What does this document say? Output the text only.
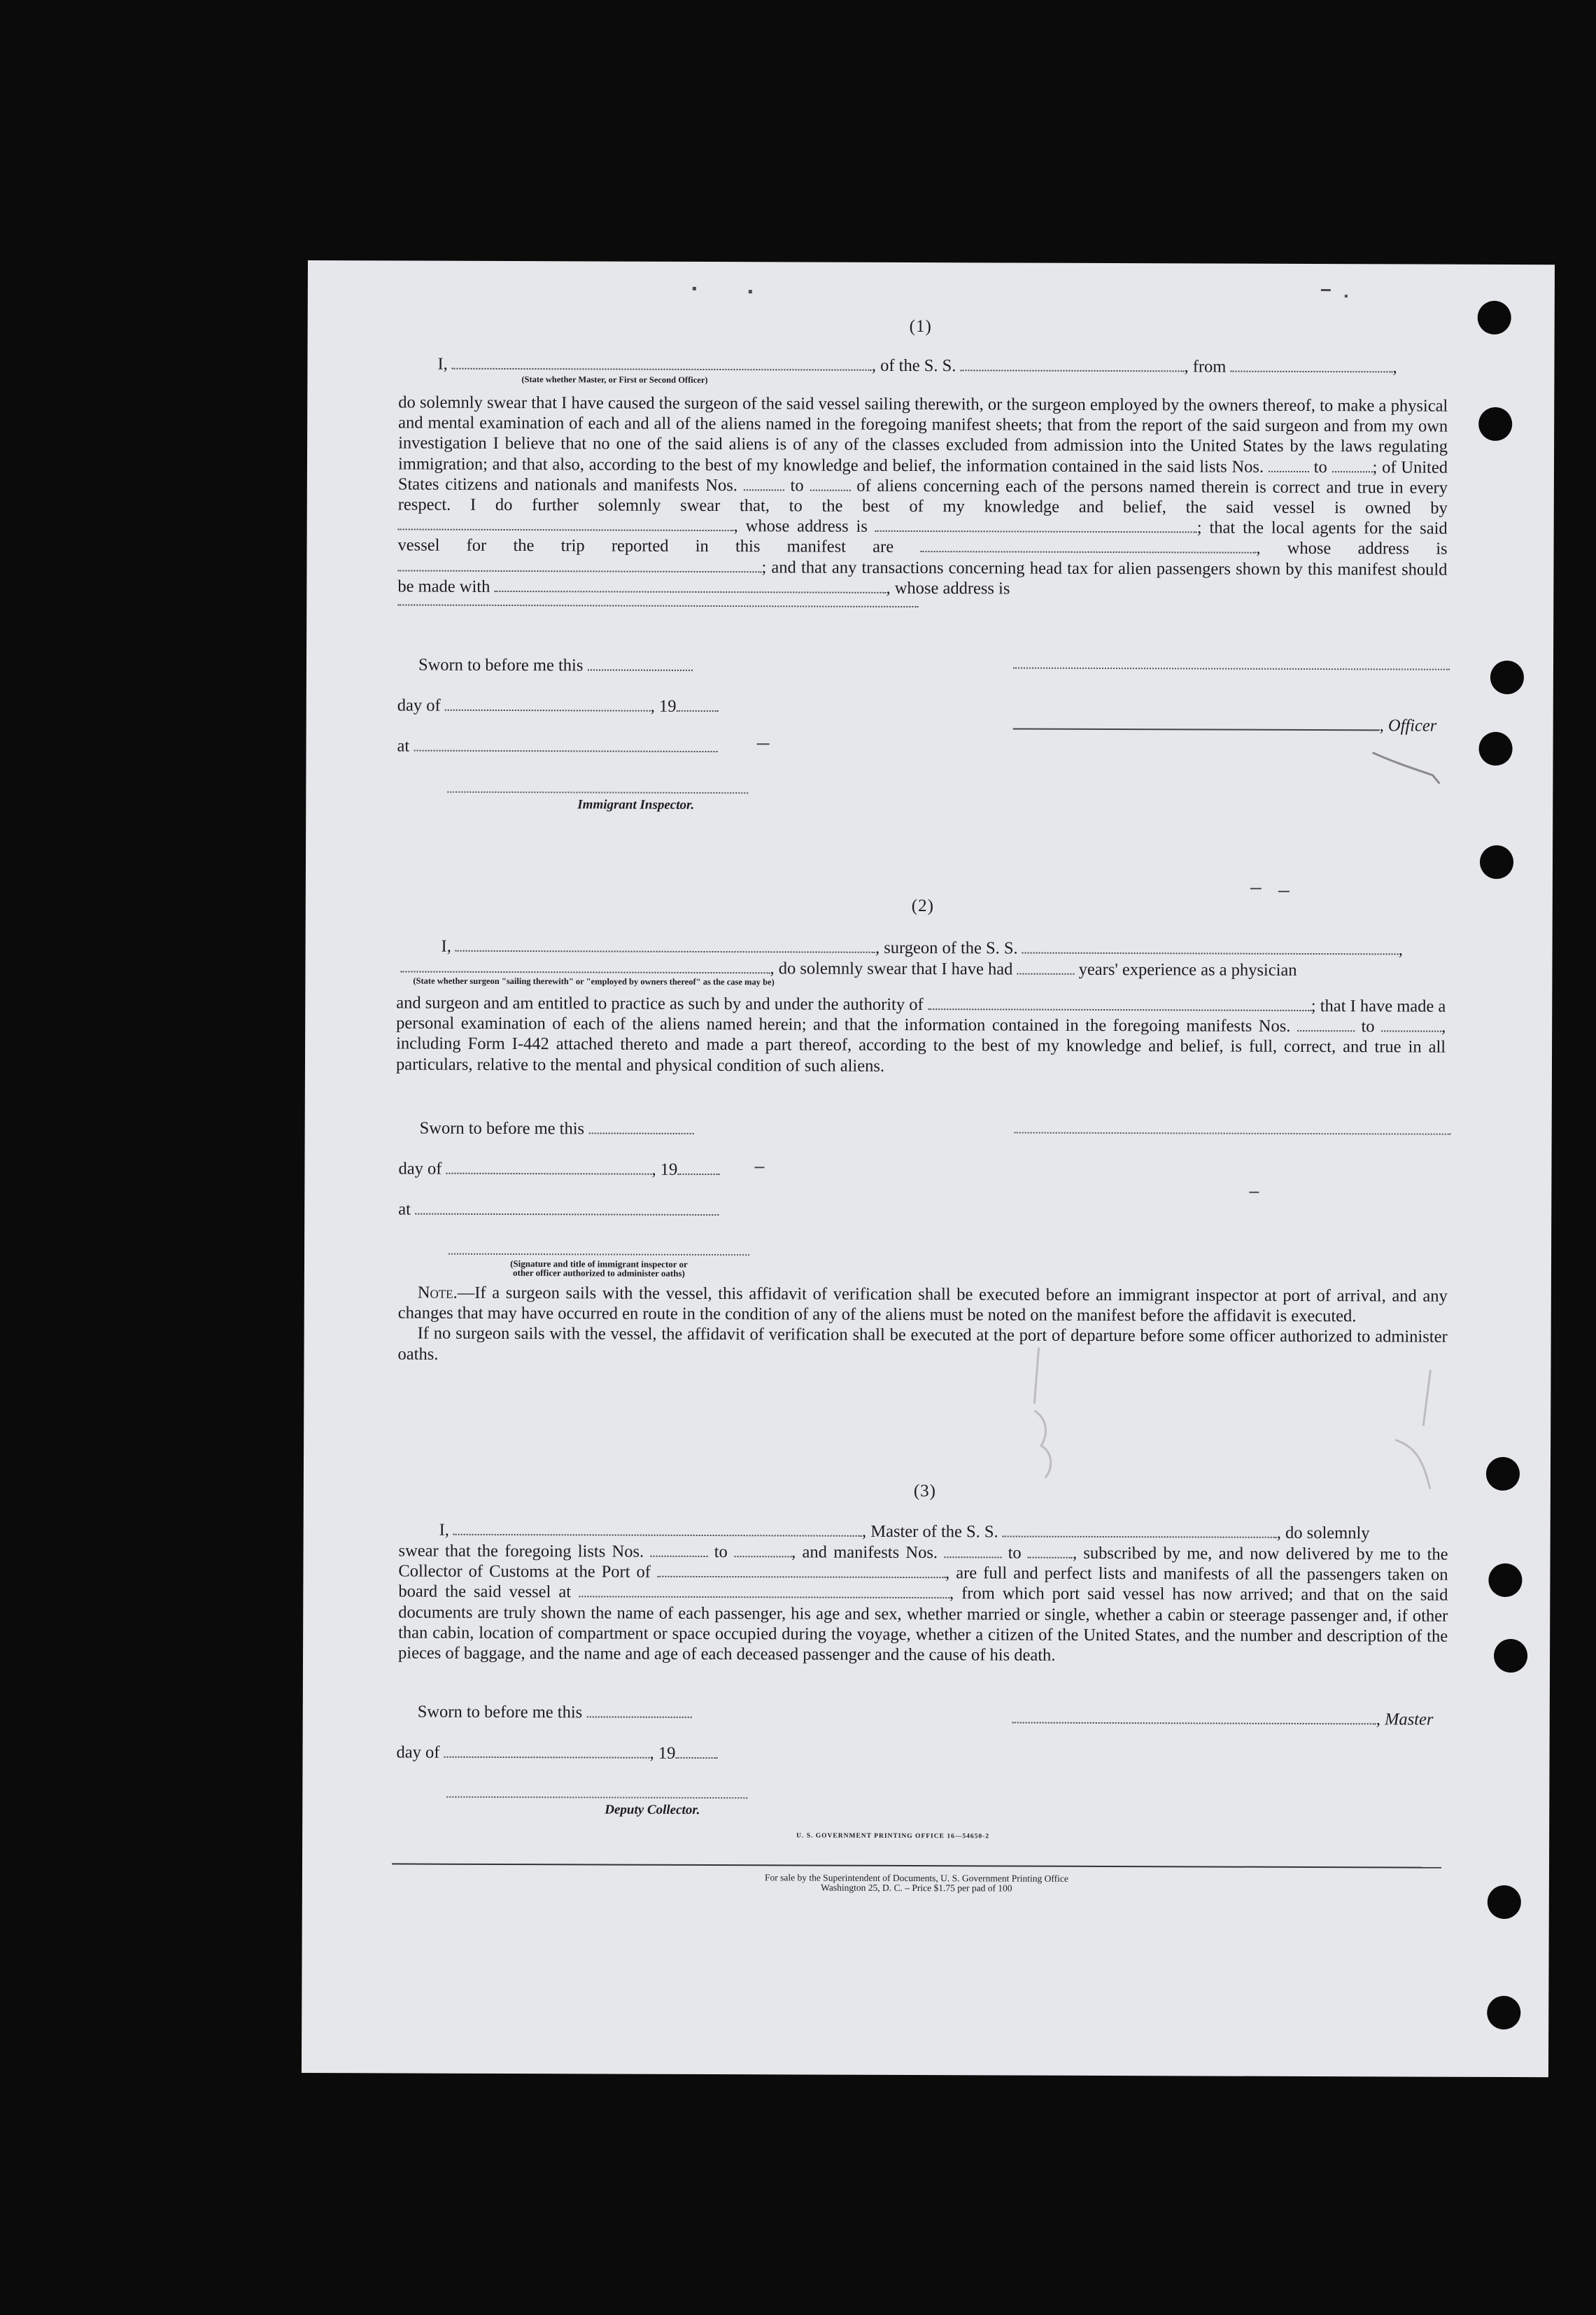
(1)
I,	, of the S. S.	, from	,
(State whether Master, or First or Second Officer)
do solemnly swear that I have caused the surgeon of the said vessel sailing therewith, or the surgeon employed by the owners thereof, to make a physical and mental examination of each and all of the aliens named in the foregoing manifest sheets; that from the report of the said surgeon and from my own investigation I believe that no one of the said aliens is of any of the classes excluded from admission into the United States by the laws regulating immigration; and that also, according to the best of my knowledge and belief, the information contained in the said lists Nos.	to	; of United States citizens and nationals and manifests Nos.	to	of aliens concerning each of the persons named therein is correct and true in every respect. I do further solemnly swear that, to the best of my knowledge and belief, the said vessel is owned by , whose address is	; that the local agents for the said vessel for the trip reported in this manifest are	, whose address is ; and that any transactions concerning head tax for alien passengers shown by this manifest should be made with	, whose address is
Sworn to before me this
day of	, 19
, Officer
at
Immigrant Inspector.
(2)
I,	, surgeon of the S. S.	,
, do solemnly swear that I have had	years' experience as a physician
(State whether surgeon "sailing therewith" or "employed by owners thereof" as the case may be)
and surgeon and am entitled to practice as such by and under the authority of	; that I have made a personal examination of each of the aliens named herein; and that the information contained in the foregoing manifests Nos.	to	, including Form I-442 attached thereto and made a part thereof, according to the best of my knowledge and belief, is full, correct, and true in all particulars, relative to the mental and physical condition of such aliens.
Sworn to before me this
day of	, 19
at
(Signature and title of immigrant inspector or
other officer authorized to administer oaths)
Note.—If a surgeon sails with the vessel, this affidavit of verification shall be executed before an immigrant inspector at port of arrival, and any changes that may have occurred en route in the condition of any of the aliens must be noted on the manifest before the affidavit is executed.
If no surgeon sails with the vessel, the affidavit of verification shall be executed at the port of departure before some officer authorized to administer oaths.
(3)
I,	, Master of the S. S.	, do solemnly
swear that the foregoing lists Nos.	to	, and manifests Nos.	to	, subscribed by me, and now delivered by me to the Collector of Customs at the Port of	, are full and perfect lists and manifests of all the passengers taken on board the said vessel at	, from which port said vessel has now arrived; and that on the said documents are truly shown the name of each passenger, his age and sex, whether married or single, whether a cabin or steerage passenger and, if other than cabin, location of compartment or space occupied during the voyage, whether a citizen of the United States, and the number and description of the pieces of baggage, and the name and age of each deceased passenger and the cause of his death.
Sworn to before me this	, Master
day of	, 19
Deputy Collector.
U. S. GOVERNMENT PRINTING OFFICE 16—54650-2
For sale by the Superintendent of Documents, U. S. Government Printing Office
Washington 25, D. C. – Price $1.75 per pad of 100
